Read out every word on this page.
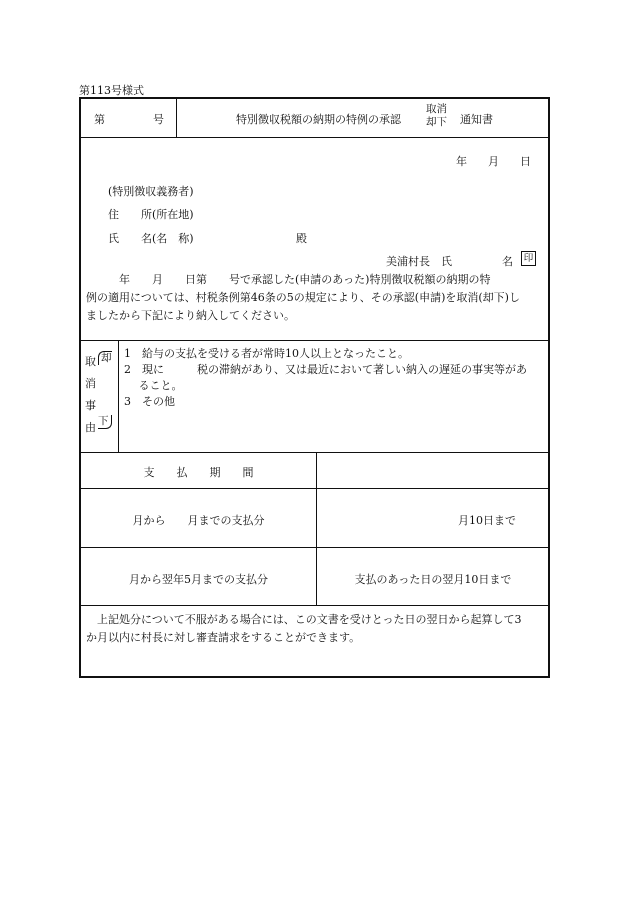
第113号様式
第	号	特別徴収税額の納期の特例の承認
取消
却下 通知書
年 月 日
(特別徴収義務者)
住　　所(所在地)
氏　　名(名　称)	殿
美浦村長　氏	名 印
　　　年　　月　　日第　　号で承認した(申請のあった)特別徴収税額の納期の特
例の適用については、村税条例第46条の5の規定により、その承認(申請)を取消(却下)し
ましたから下記により納入してください。
取
消
事
由
却
下
1　給与の支払を受ける者が常時10人以上となったこと。
2　現に　　　税の滞納があり、又は最近において著しい納入の遅延の事実等があ
　 ること。
3　その他
支　　払　　期　　間
月から　　月までの支払分	月10日まで
月から翌年5月までの支払分	支払のあった日の翌月10日まで
　上記処分について不服がある場合には、この文書を受けとった日の翌日から起算して3
か月以内に村長に対し審査請求をすることができます。
